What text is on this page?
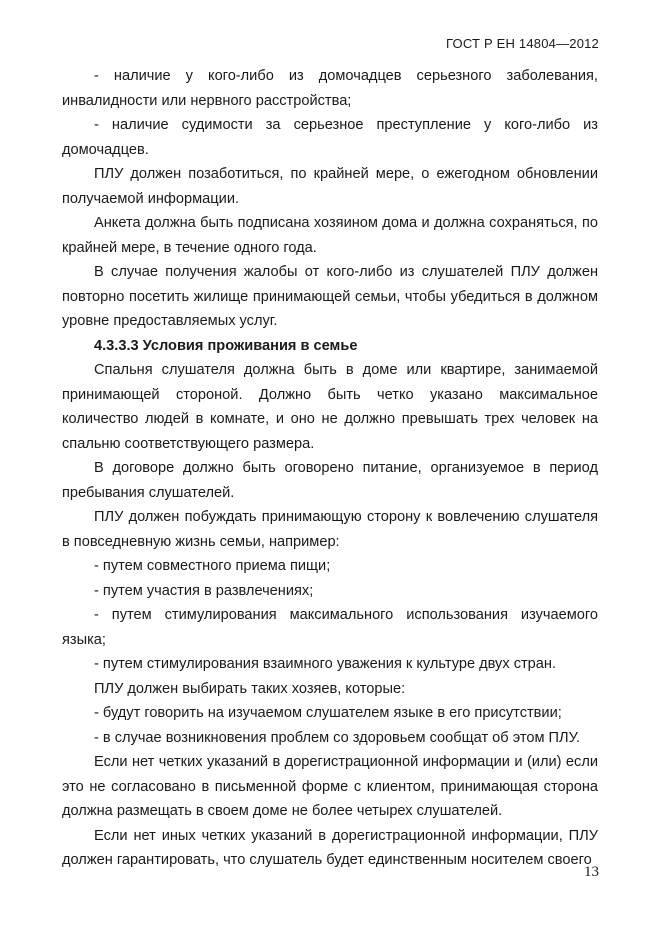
ГОСТ Р ЕН 14804—2012

- наличие у кого-либо из домочадцев серьезного заболевания, инвалидности или нервного расстройства;

- наличие судимости за серьезное преступление у кого-либо из домочадцев.

ПЛУ должен позаботиться, по крайней мере, о ежегодном обновлении получаемой информации.

Анкета должна быть подписана хозяином дома и должна сохраняться, по крайней мере, в течение одного года.

В случае получения жалобы от кого-либо из слушателей ПЛУ должен повторно посетить жилище принимающей семьи, чтобы убедиться в должном уровне предоставляемых услуг.

4.3.3.3 Условия проживания в семье

Спальня слушателя должна быть в доме или квартире, занимаемой принимающей стороной. Должно быть четко указано максимальное количество людей в комнате, и оно не должно превышать трех человек на спальню соответствующего размера.

В договоре должно быть оговорено питание, организуемое в период пребывания слушателей.

ПЛУ должен побуждать принимающую сторону к вовлечению слушателя в повседневную жизнь семьи, например:

- путем совместного приема пищи;

- путем участия в развлечениях;

- путем стимулирования максимального использования изучаемого языка;

- путем стимулирования взаимного уважения к культуре двух стран.

ПЛУ должен выбирать таких хозяев, которые:

- будут говорить на изучаемом слушателем языке в его присутствии;

- в случае возникновения проблем со здоровьем сообщат об этом ПЛУ.

Если нет четких указаний в дорегистрационной информации и (или) если это не согласовано в письменной форме с клиентом, принимающая сторона должна размещать в своем доме не более четырех слушателей.

Если нет иных четких указаний в дорегистрационной информации, ПЛУ должен гарантировать, что слушатель будет единственным носителем своего

13
